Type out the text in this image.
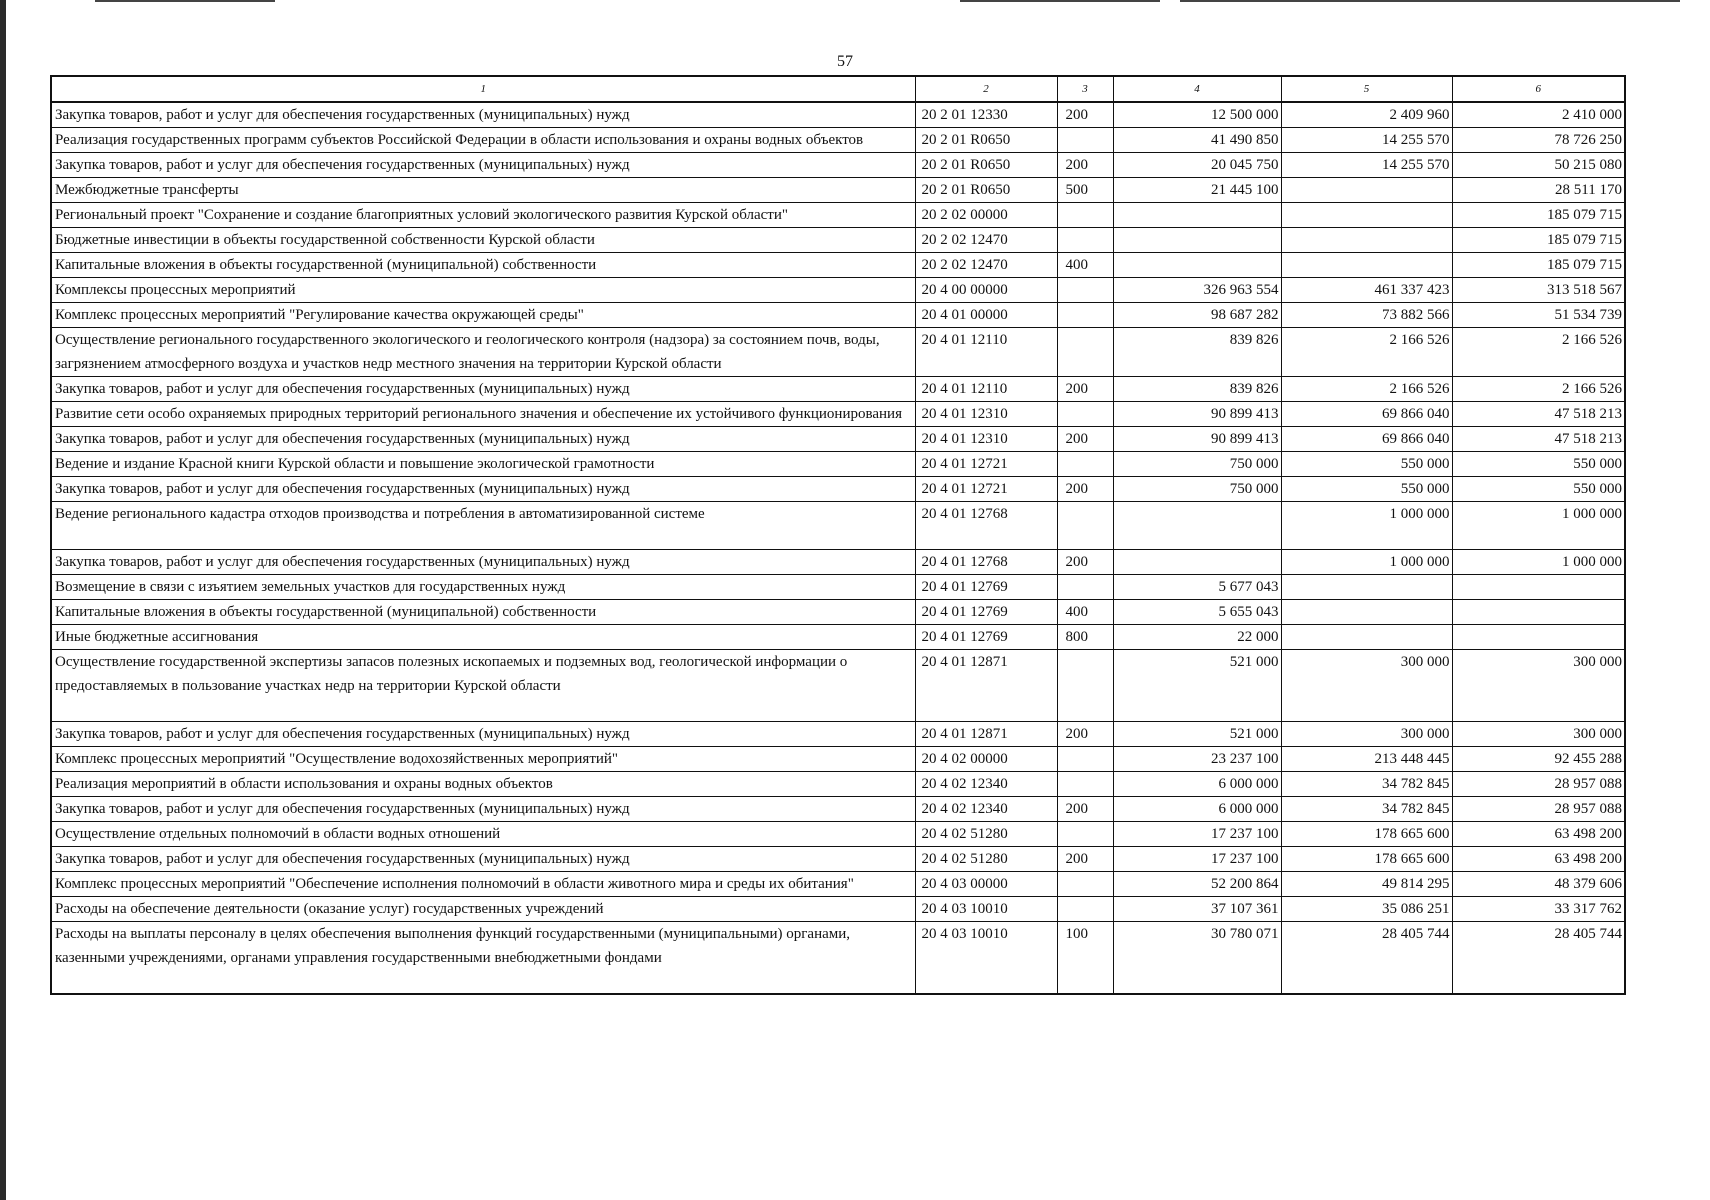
57
1	2	3	4	5	6
Закупка товаров, работ и услуг для обеспечения государственных (муниципальных) нужд	20 2 01 12330	200	12 500 000	2 409 960	2 410 000
Реализация государственных программ субъектов Российской Федерации в области использования и охраны водных объектов	20 2 01 R0650		41 490 850	14 255 570	78 726 250
Закупка товаров, работ и услуг для обеспечения государственных (муниципальных) нужд	20 2 01 R0650	200	20 045 750	14 255 570	50 215 080
Межбюджетные трансферты	20 2 01 R0650	500	21 445 100		28 511 170
Региональный проект "Сохранение и создание благоприятных условий экологического развития Курской области"	20 2 02 00000				185 079 715
Бюджетные инвестиции в объекты государственной собственности Курской области	20 2 02 12470				185 079 715
Капитальные вложения в объекты государственной (муниципальной) собственности	20 2 02 12470	400			185 079 715
Комплексы процессных мероприятий	20 4 00 00000		326 963 554	461 337 423	313 518 567
Комплекс процессных мероприятий "Регулирование качества окружающей среды"	20 4 01 00000		98 687 282	73 882 566	51 534 739
Осуществление регионального государственного экологического и геологического контроля (надзора) за состоянием почв, воды, загрязнением атмосферного воздуха и участков недр местного значения на территории Курской области	20 4 01 12110		839 826	2 166 526	2 166 526
Закупка товаров, работ и услуг для обеспечения государственных (муниципальных) нужд	20 4 01 12110	200	839 826	2 166 526	2 166 526
Развитие сети особо охраняемых природных территорий регионального значения и обеспечение их устойчивого функционирования	20 4 01 12310		90 899 413	69 866 040	47 518 213
Закупка товаров, работ и услуг для обеспечения государственных (муниципальных) нужд	20 4 01 12310	200	90 899 413	69 866 040	47 518 213
Ведение и издание Красной книги Курской области и повышение экологической грамотности	20 4 01 12721		750 000	550 000	550 000
Закупка товаров, работ и услуг для обеспечения государственных (муниципальных) нужд	20 4 01 12721	200	750 000	550 000	550 000
Ведение регионального кадастра отходов производства и потребления в автоматизированной системе	20 4 01 12768			1 000 000	1 000 000
Закупка товаров, работ и услуг для обеспечения государственных (муниципальных) нужд	20 4 01 12768	200		1 000 000	1 000 000
Возмещение в связи с изъятием земельных участков для государственных нужд	20 4 01 12769		5 677 043		
Капитальные вложения в объекты государственной (муниципальной) собственности	20 4 01 12769	400	5 655 043		
Иные бюджетные ассигнования	20 4 01 12769	800	22 000		
Осуществление государственной экспертизы запасов полезных ископаемых и подземных вод, геологической информации о предоставляемых в пользование участках недр на территории Курской области	20 4 01 12871		521 000	300 000	300 000
Закупка товаров, работ и услуг для обеспечения государственных (муниципальных) нужд	20 4 01 12871	200	521 000	300 000	300 000
Комплекс процессных мероприятий "Осуществление водохозяйственных мероприятий"	20 4 02 00000		23 237 100	213 448 445	92 455 288
Реализация мероприятий в области использования и охраны водных объектов	20 4 02 12340		6 000 000	34 782 845	28 957 088
Закупка товаров, работ и услуг для обеспечения государственных (муниципальных) нужд	20 4 02 12340	200	6 000 000	34 782 845	28 957 088
Осуществление отдельных полномочий в области водных отношений	20 4 02 51280		17 237 100	178 665 600	63 498 200
Закупка товаров, работ и услуг для обеспечения государственных (муниципальных) нужд	20 4 02 51280	200	17 237 100	178 665 600	63 498 200
Комплекс процессных мероприятий "Обеспечение исполнения полномочий в области животного мира и среды их обитания"	20 4 03 00000		52 200 864	49 814 295	48 379 606
Расходы на обеспечение деятельности (оказание услуг) государственных учреждений	20 4 03 10010		37 107 361	35 086 251	33 317 762
Расходы на выплаты персоналу в целях обеспечения выполнения функций государственными (муниципальными) органами, казенными учреждениями, органами управления государственными внебюджетными фондами	20 4 03 10010	100	30 780 071	28 405 744	28 405 744
